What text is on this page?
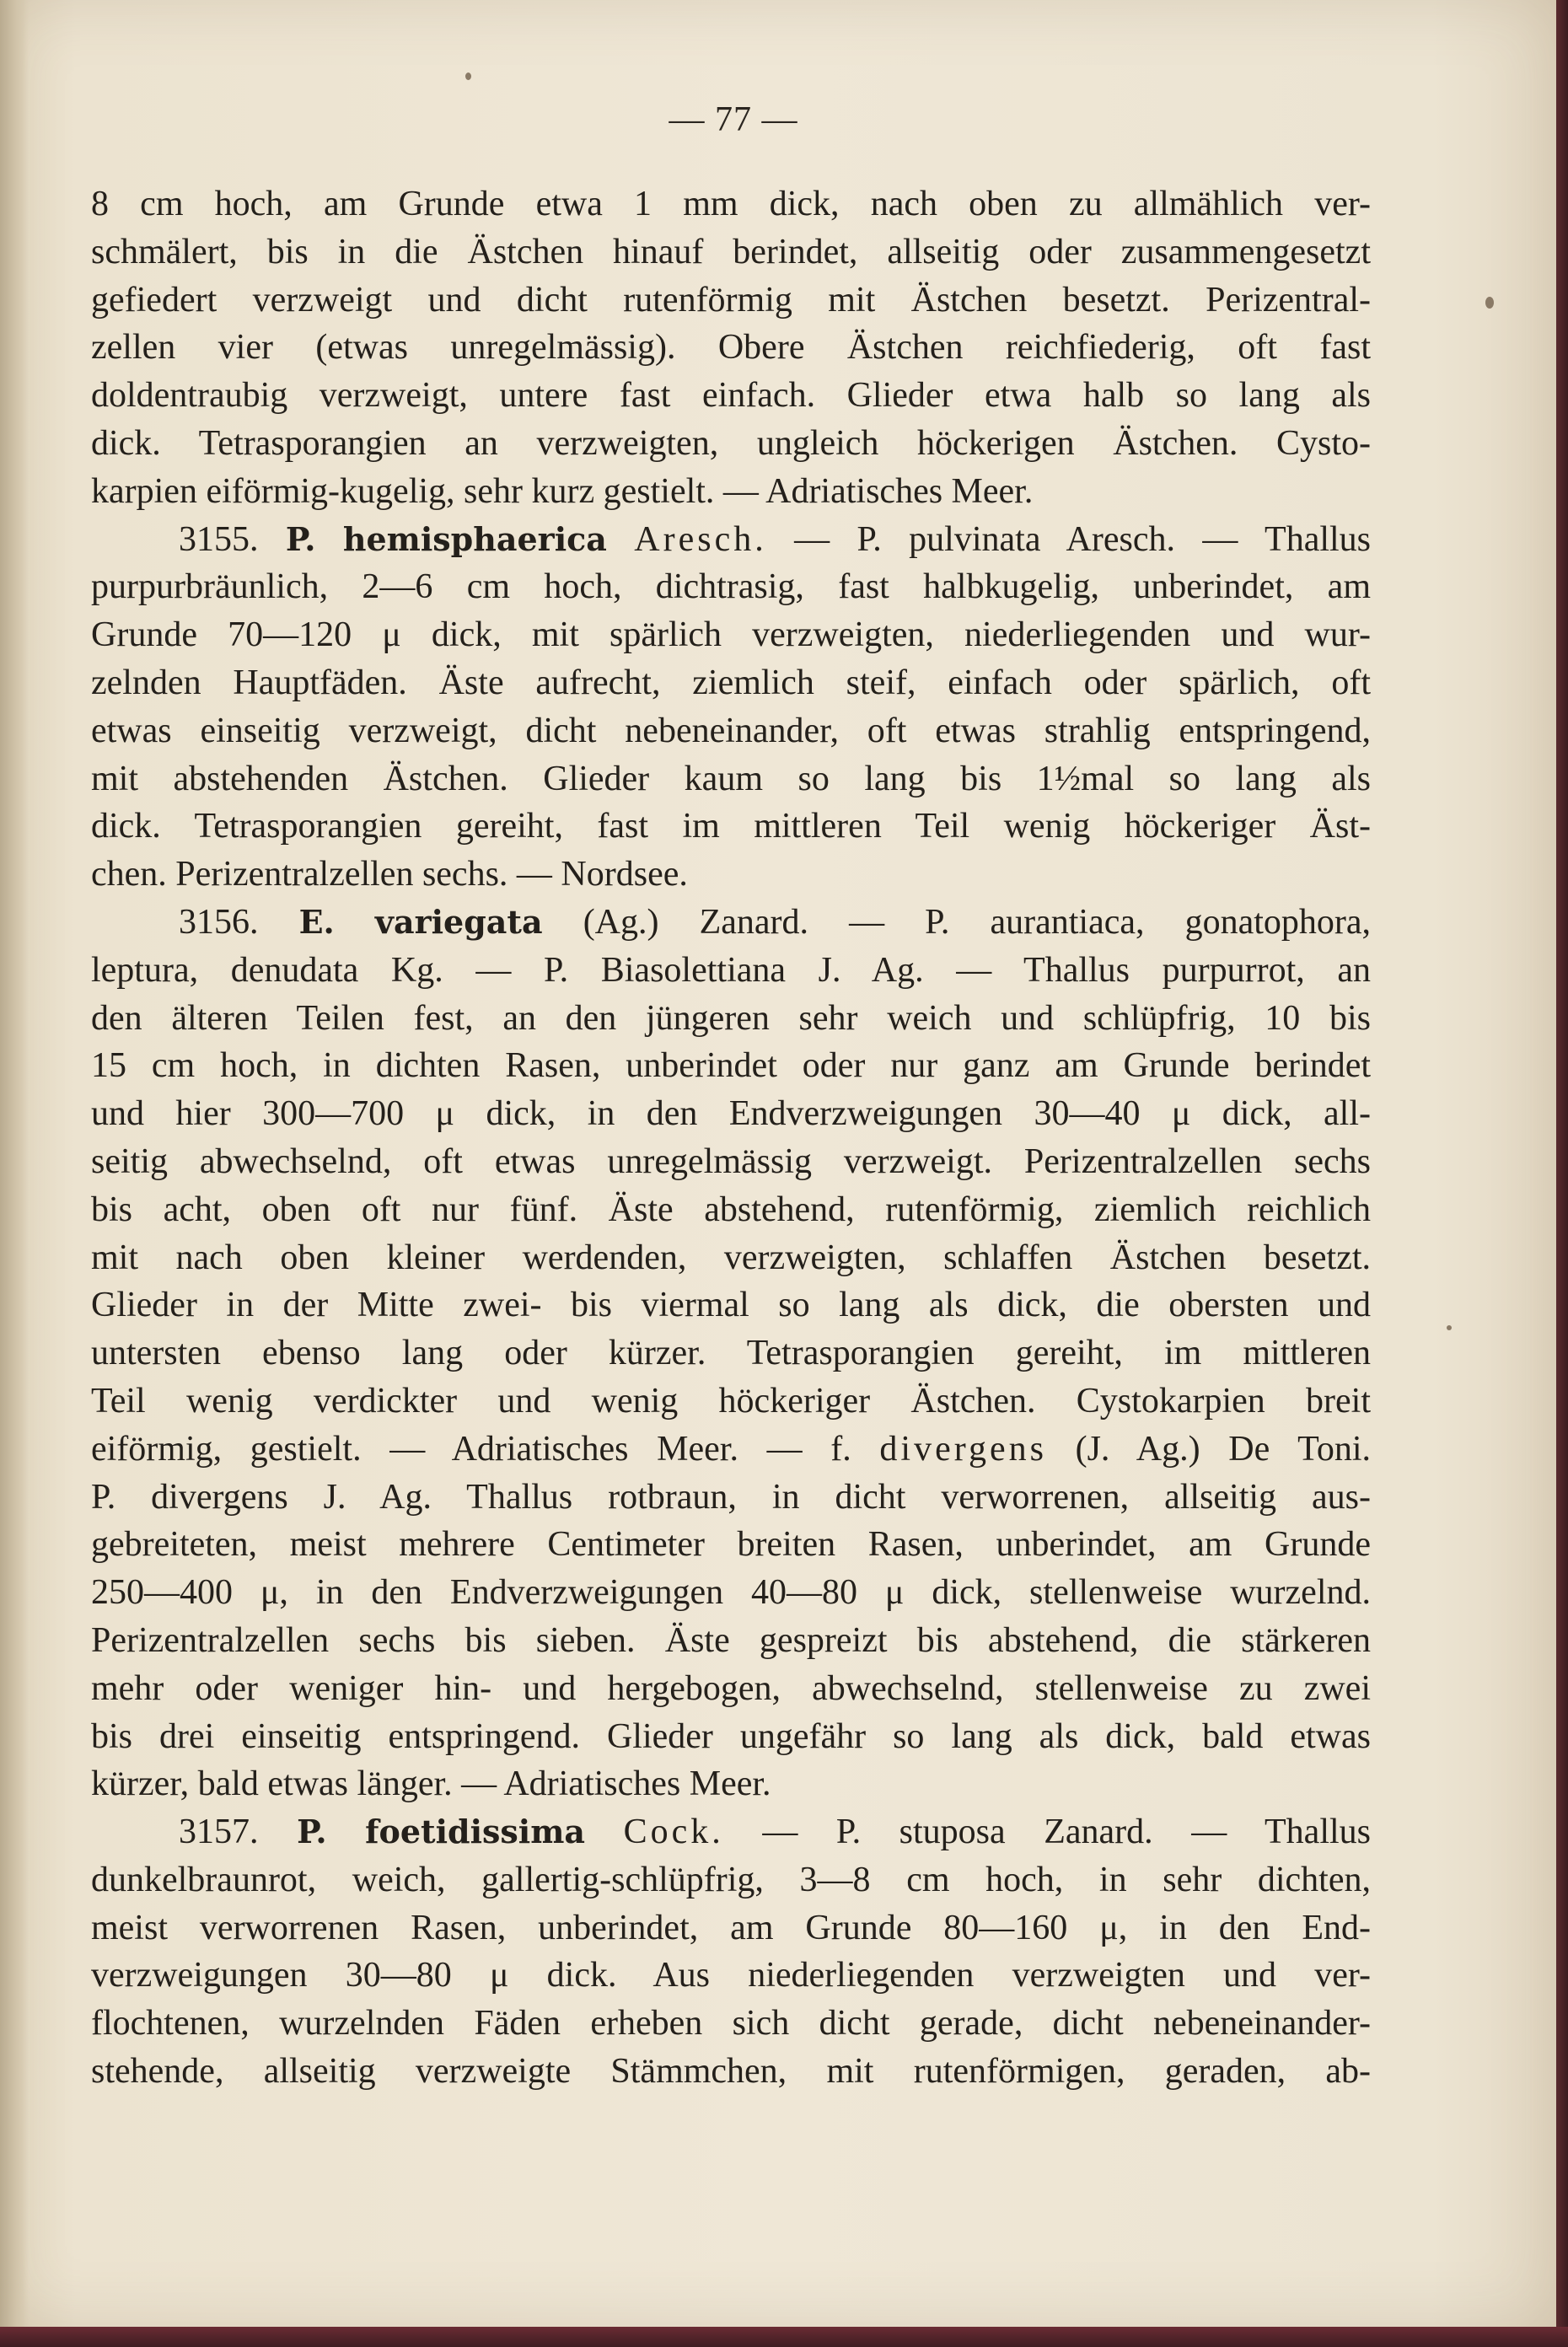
— 77 —
8 cm hoch, am Grunde etwa 1 mm dick, nach oben zu allmählich ver-
schmälert, bis in die Ästchen hinauf berindet, allseitig oder zusammengesetzt
gefiedert verzweigt und dicht rutenförmig mit Ästchen besetzt. Perizentral-
zellen vier (etwas unregelmässig). Obere Ästchen reichfiederig, oft fast
doldentraubig verzweigt, untere fast einfach. Glieder etwa halb so lang als
dick. Tetrasporangien an verzweigten, ungleich höckerigen Ästchen. Cysto-
karpien eiförmig-kugelig, sehr kurz gestielt. — Adriatisches Meer.
3155. P. hemisphaerica Aresch. — P. pulvinata Aresch. — Thallus
purpurbräunlich, 2—6 cm hoch, dichtrasig, fast halbkugelig, unberindet, am
Grunde 70—120 μ dick, mit spärlich verzweigten, niederliegenden und wur-
zelnden Hauptfäden. Äste aufrecht, ziemlich steif, einfach oder spärlich, oft
etwas einseitig verzweigt, dicht nebeneinander, oft etwas strahlig entspringend,
mit abstehenden Ästchen. Glieder kaum so lang bis 1½mal so lang als
dick. Tetrasporangien gereiht, fast im mittleren Teil wenig höckeriger Äst-
chen. Perizentralzellen sechs. — Nordsee.
3156. E. variegata (Ag.) Zanard. — P. aurantiaca, gonatophora,
leptura, denudata Kg. — P. Biasolettiana J. Ag. — Thallus purpurrot, an
den älteren Teilen fest, an den jüngeren sehr weich und schlüpfrig, 10 bis
15 cm hoch, in dichten Rasen, unberindet oder nur ganz am Grunde berindet
und hier 300—700 μ dick, in den Endverzweigungen 30—40 μ dick, all-
seitig abwechselnd, oft etwas unregelmässig verzweigt. Perizentralzellen sechs
bis acht, oben oft nur fünf. Äste abstehend, rutenförmig, ziemlich reichlich
mit nach oben kleiner werdenden, verzweigten, schlaffen Ästchen besetzt.
Glieder in der Mitte zwei- bis viermal so lang als dick, die obersten und
untersten ebenso lang oder kürzer. Tetrasporangien gereiht, im mittleren
Teil wenig verdickter und wenig höckeriger Ästchen. Cystokarpien breit
eiförmig, gestielt. — Adriatisches Meer. — f. divergens (J. Ag.) De Toni.
P. divergens J. Ag. Thallus rotbraun, in dicht verworrenen, allseitig aus-
gebreiteten, meist mehrere Centimeter breiten Rasen, unberindet, am Grunde
250—400 μ, in den Endverzweigungen 40—80 μ dick, stellenweise wurzelnd.
Perizentralzellen sechs bis sieben. Äste gespreizt bis abstehend, die stärkeren
mehr oder weniger hin- und hergebogen, abwechselnd, stellenweise zu zwei
bis drei einseitig entspringend. Glieder ungefähr so lang als dick, bald etwas
kürzer, bald etwas länger. — Adriatisches Meer.
3157. P. foetidissima Cock. — P. stuposa Zanard. — Thallus
dunkelbraunrot, weich, gallertig-schlüpfrig, 3—8 cm hoch, in sehr dichten,
meist verworrenen Rasen, unberindet, am Grunde 80—160 μ, in den End-
verzweigungen 30—80 μ dick. Aus niederliegenden verzweigten und ver-
flochtenen, wurzelnden Fäden erheben sich dicht gerade, dicht nebeneinander-
stehende, allseitig verzweigte Stämmchen, mit rutenförmigen, geraden, ab-
